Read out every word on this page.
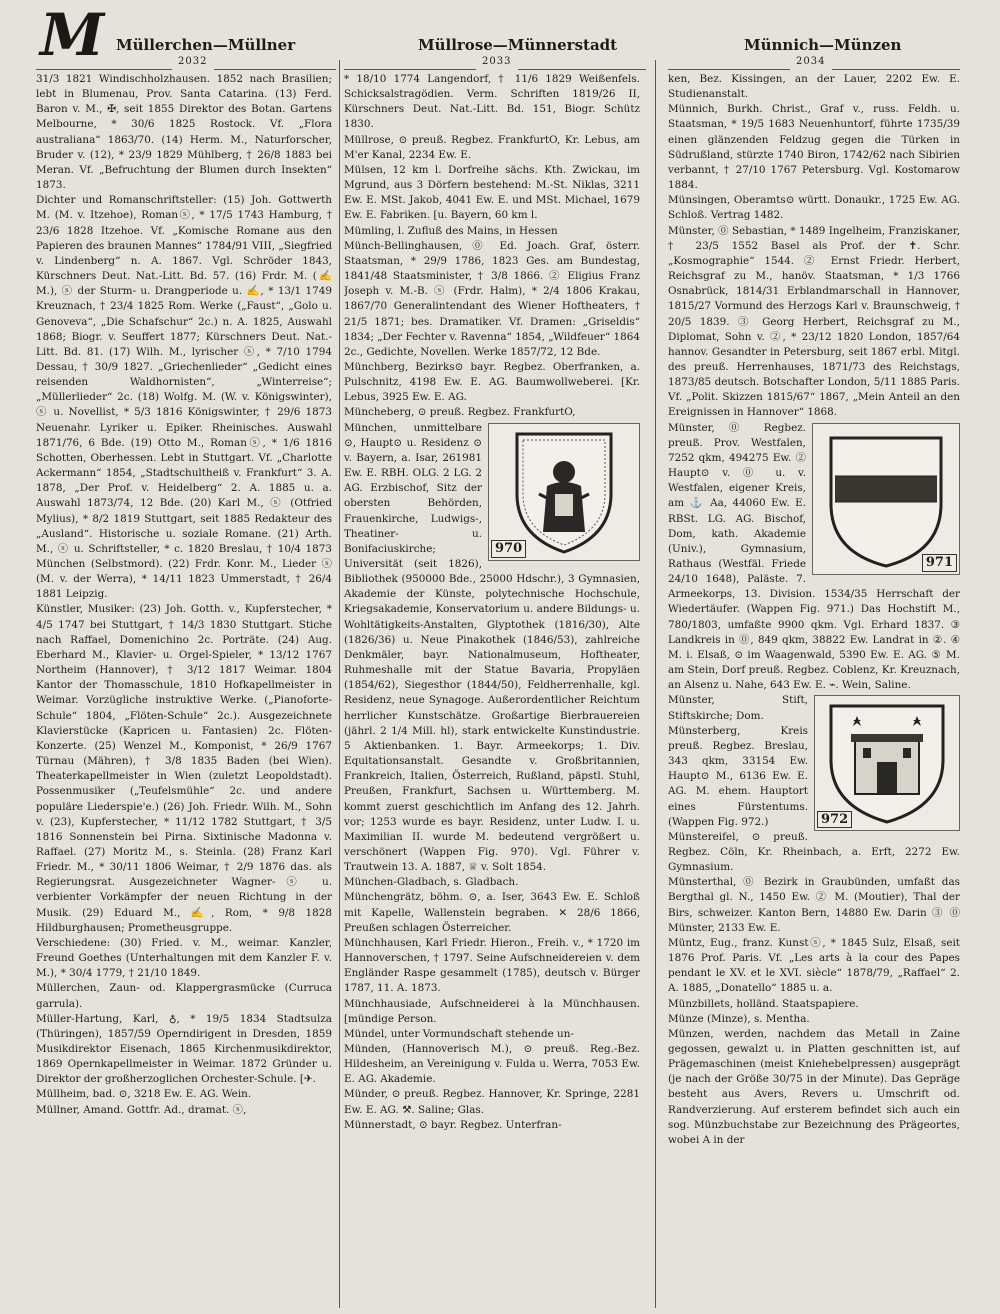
M Müllerchen—Müllner	Müllrose—Münnerstadt	Münnich—Münzen
2032	2033	2034

31/3 1821 Windischholzhausen. 1852 nach Brasilien; lebt in Blumenau, Prov. Santa Catarina. (13) Ferd. Baron v. M., ✠, seit 1855 Direktor des Botan. Gartens Melbourne, * 30/6 1825 Rostock. Vf. „Flora australiana“ 1863/70. (14) Herm. M., Naturforscher, Bruder v. (12), * 23/9 1829 Mühlberg, † 26/8 1883 bei Meran. Vf. „Befruchtung der Blumen durch Insekten“ 1873.

Dichter und Romanschriftsteller: (15) Joh. Gottwerth M. (M. v. Itzehoe), Romanⓢ, * 17/5 1743 Hamburg, † 23/6 1828 Itzehoe. Vf. „Komische Romane aus den Papieren des braunen Mannes“ 1784/91 VIII, „Siegfried v. Lindenberg“ n. A. 1867. Vgl. Schröder 1843, Kürschners Deut. Nat.-Litt. Bd. 57. (16) Frdr. M. (✍ M.), ⓢ der Sturm- u. Drangperiode u. ✍, * 13/1 1749 Kreuznach, † 23/4 1825 Rom. Werke („Faust“, „Golo u. Genoveva“, „Die Schafschur“ 2c.) n. A. 1825, Auswahl 1868; Biogr. v. Seuffert 1877; Kürschners Deut. Nat.-Litt. Bd. 81. (17) Wilh. M., lyrischer ⓢ, * 7/10 1794 Dessau, † 30/9 1827. „Griechenlieder“ „Gedicht eines reisenden Waldhornisten“, „Winterreise“; „Müllerlieder“ 2c. (18) Wolfg. M. (W. v. Königswinter), ⓢ u. Novellist, * 5/3 1816 Königswinter, † 29/6 1873 Neuenahr. Lyriker u. Epiker. Rheinisches. Auswahl 1871/76, 6 Bde. (19) Otto M., Romanⓢ, * 1/6 1816 Schotten, Oberhessen. Lebt in Stuttgart. Vf. „Charlotte Ackermann“ 1854, „Stadtschultheiß v. Frankfurt“ 3. A. 1878, „Der Prof. v. Heidelberg“ 2. A. 1885 u. a. Auswahl 1873/74, 12 Bde. (20) Karl M., ⓢ (Otfried Mylius), * 8/2 1819 Stuttgart, seit 1885 Redakteur des „Ausland“. Historische u. soziale Romane. (21) Arth. M., ⓢ u. Schriftsteller, * c. 1820 Breslau, † 10/4 1873 München (Selbstmord). (22) Frdr. Konr. M., Lieder ⓢ (M. v. der Werra), * 14/11 1823 Ummerstadt, † 26/4 1881 Leipzig.

Künstler, Musiker: (23) Joh. Gotth. v., Kupferstecher, * 4/5 1747 bei Stuttgart, † 14/3 1830 Stuttgart. Stiche nach Raffael, Domenichino 2c. Porträte. (24) Aug. Eberhard M., Klavier- u. Orgel-Spieler, * 13/12 1767 Northeim (Hannover), † 3/12 1817 Weimar. 1804 Kantor der Thomasschule, 1810 Hofkapellmeister in Weimar. Vorzügliche instruktive Werke. („Pianoforte-Schule“ 1804, „Flöten-Schule“ 2c.). Ausgezeichnete Klavierstücke (Kapricen u. Fantasien) 2c. Flöten-Konzerte. (25) Wenzel M., Komponist, * 26/9 1767 Türnau (Mähren), † 3/8 1835 Baden (bei Wien). Theaterkapellmeister in Wien (zuletzt Leopoldstadt). Possenmusiker („Teufelsmühle“ 2c. und andere populäre Liederspie'e.) (26) Joh. Friedr. Wilh. M., Sohn v. (23), Kupferstecher, * 11/12 1782 Stuttgart, † 3/5 1816 Sonnenstein bei Pirna. Sixtinische Madonna v. Raffael. (27) Moritz M., s. Steinla. (28) Franz Karl Friedr. M., * 30/11 1806 Weimar, † 2/9 1876 das. als Regierungsrat. Ausgezeichneter Wagner-ⓢ u. verbienter Vorkämpfer der neuen Richtung in der Musik. (29) Eduard M., ✍, Rom, * 9/8 1828 Hildburghausen; Prometheusgruppe.

Verschiedene: (30) Fried. v. M., weimar. Kanzler, Freund Goethes (Unterhaltungen mit dem Kanzler F. v. M.), * 30/4 1779, † 21/10 1849.

Müllerchen, Zaun- od. Klappergrasmücke (Curruca garrula).

Müller-Hartung, Karl, ♁, * 19/5 1834 Stadtsulza (Thüringen), 1857/59 Operndirigent in Dresden, 1859 Musikdirektor Eisenach, 1865 Kirchenmusikdirektor, 1869 Opernkapellmeister in Weimar. 1872 Gründer u. Direktor der großherzoglichen Orchester-Schule. [✈.

Müllheim, bad. ⊙, 3218 Ew. E. AG. Wein.

Müllner, Amand. Gottfr. Ad., dramat. ⓢ,

* 18/10 1774 Langendorf, † 11/6 1829 Weißenfels. Schicksalstragödien. Verm. Schriften 1819/26 II, Kürschners Deut. Nat.-Litt. Bd. 151, Biogr. Schütz 1830.

Müllrose, ⊙ preuß. Regbez. FrankfurtO, Kr. Lebus, am M'er Kanal, 2234 Ew. E.

Mülsen, 12 km l. Dorfreihe sächs. Kth. Zwickau, im Mgrund, aus 3 Dörfern bestehend: M.-St. Niklas, 3211 Ew. E. MSt. Jakob, 4041 Ew. E. und MSt. Michael, 1679 Ew. E. Fabriken. [u. Bayern, 60 km l.

Mümling, l. Zufluß des Mains, in Hessen

Münch-Bellinghausen, ⓪ Ed. Joach. Graf, österr. Staatsman, * 29/9 1786, 1823 Ges. am Bundestag, 1841/48 Staatsminister, † 3/8 1866. ② Eligius Franz Joseph v. M.-B. ⓢ (Frdr. Halm), * 2/4 1806 Krakau, 1867/70 Generalintendant des Wiener Hoftheaters, † 21/5 1871; bes. Dramatiker. Vf. Dramen: „Griseldis“ 1834; „Der Fechter v. Ravenna“ 1854, „Wildfeuer“ 1864 2c., Gedichte, Novellen. Werke 1857/72, 12 Bde.

Münchberg, Bezirks⊙ bayr. Regbez. Oberfranken, a. Pulschnitz, 4198 Ew. E. AG. Baumwollweberei. [Kr. Lebus, 3925 Ew. E. AG.

Müncheberg, ⊙ preuß. Regbez. FrankfurtO,

970

München, unmittelbare ⊙, Haupt⊙ u. Residenz ⊙ v. Bayern, a. Isar, 261981 Ew. E. RBH. OLG. 2 LG. 2 AG. Erzbischof, Sitz der obersten Behörden, Frauenkirche, Ludwigs-, Theatiner- u. Bonifaciuskirche; Universität (seit 1826), Bibliothek (950000 Bde., 25000 Hdschr.), 3 Gymnasien, Akademie der Künste, polytechnische Hochschule, Kriegsakademie, Konservatorium u. andere Bildungs- u. Wohltätigkeits-Anstalten, Glyptothek (1816/30), Alte (1826/36) u. Neue Pinakothek (1846/53), zahlreiche Denkmäler, bayr. Nationalmuseum, Hoftheater, Ruhmeshalle mit der Statue Bavaria, Propyläen (1854/62), Siegesthor (1844/50), Feldherrenhalle, kgl. Residenz, neue Synagoge. Außerordentlicher Reichtum herrlicher Kunstschätze. Großartige Bierbrauereien (jährl. 2 1/4 Mill. hl), stark entwickelte Kunstindustrie. 5 Aktienbanken. 1. Bayr. Armeekorps; 1. Div. Equitationsanstalt. Gesandte v. Großbritannien, Frankreich, Italien, Österreich, Rußland, päpstl. Stuhl, Preußen, Frankfurt, Sachsen u. Württemberg. M. kommt zuerst geschichtlich im Anfang des 12. Jahrh. vor; 1253 wurde es bayr. Residenz, unter Ludw. I. u. Maximilian II. wurde M. bedeutend vergrößert u. verschönert (Wappen Fig. 970). Vgl. Führer v. Trautwein 13. A. 1887, ♕ v. Solt 1854.

München-Gladbach, s. Gladbach.

Münchengrätz, böhm. ⊙, a. Iser, 3643 Ew. E. Schloß mit Kapelle, Wallenstein begraben. ✕ 28/6 1866, Preußen schlagen Österreicher.

Münchhausen, Karl Friedr. Hieron., Freih. v., * 1720 im Hannoverschen, † 1797. Seine Aufschneidereien v. dem Engländer Raspe gesammelt (1785), deutsch v. Bürger 1787, 11. A. 1873.

Münchhausiade, Aufschneiderei à la Münchhausen. [mündige Person.

Mündel, unter Vormundschaft stehende un-

Münden, (Hannoverisch M.), ⊙ preuß. Reg.-Bez. Hildesheim, an Vereinigung v. Fulda u. Werra, 7053 Ew. E. AG. Akademie.

Münder, ⊙ preuß. Regbez. Hannover, Kr. Springe, 2281 Ew. E. AG. ⚒. Saline; Glas.

Münnerstadt, ⊙ bayr. Regbez. Unterfran-

ken, Bez. Kissingen, an der Lauer, 2202 Ew. E. Studienanstalt.

Münnich, Burkh. Christ., Graf v., russ. Feldh. u. Staatsman, * 19/5 1683 Neuenhuntorf, führte 1735/39 einen glänzenden Feldzug gegen die Türken in Südrußland, stürzte 1740 Biron, 1742/62 nach Sibirien verbannt, † 27/10 1767 Petersburg. Vgl. Kostomarow 1884.

Münsingen, Oberamts⊙ württ. Donaukr., 1725 Ew. AG. Schloß. Vertrag 1482.

Münster, ⓪ Sebastian, * 1489 Ingelheim, Franziskaner, † 23/5 1552 Basel als Prof. der ✝. Schr. „Kosmographie“ 1544. ② Ernst Friedr. Herbert, Reichsgraf zu M., hanöv. Staatsman, * 1/3 1766 Osnabrück, 1814/31 Erblandmarschall in Hannover, 1815/27 Vormund des Herzogs Karl v. Braunschweig, † 20/5 1839. ③ Georg Herbert, Reichsgraf zu M., Diplomat, Sohn v. ②, * 23/12 1820 London, 1857/64 hannov. Gesandter in Petersburg, seit 1867 erbl. Mitgl. des preuß. Herrenhauses, 1871/73 des Reichstags, 1873/85 deutsch. Botschafter London, 5/11 1885 Paris. Vf. „Polit. Skizzen 1815/67“ 1867, „Mein Anteil an den Ereignissen in Hannover“ 1868.

971

Münster, ⓪ Regbez. preuß. Prov. Westfalen, 7252 qkm, 494275 Ew. ② Haupt⊙ v. ⓪ u. v. Westfalen, eigener Kreis, am ⚓ Aa, 44060 Ew. E. RBSt. LG. AG. Bischof, Dom, kath. Akademie (Univ.), Gymnasium, Rathaus (Westfäl. Friede 24/10 1648), Paläste. 7. Armeekorps, 13. Division. 1534/35 Herrschaft der Wiedertäufer. (Wappen Fig. 971.) Das Hochstift M., 780/1803, umfaßte 9900 qkm. Vgl. Erhard 1837. ③ Landkreis in ⓪, 849 qkm, 38822 Ew. Landrat in ②. ④ M. i. Elsaß, ⊙ im Waagenwald, 5390 Ew. E. AG. ⑤ M. am Stein, Dorf preuß. Regbez. Coblenz, Kr. Kreuznach, an Alsenz u. Nahe, 643 Ew. E. ⌁. Wein, Saline.

972

Münster, Stift, Stiftskirche; Dom.

Münsterberg, Kreis preuß. Regbez. Breslau, 343 qkm, 33154 Ew. Haupt⊙ M., 6136 Ew. E. AG. M. ehem. Hauptort eines Fürstentums. (Wappen Fig. 972.)

Münstereifel, ⊙ preuß. Regbez. Cöln, Kr. Rheinbach, a. Erft, 2272 Ew. Gymnasium.

Münsterthal, ⓪ Bezirk in Graubünden, umfaßt das Bergthal gl. N., 1450 Ew. ② M. (Moutier), Thal der Birs, schweizer. Kanton Bern, 14880 Ew. Darin ③ ⓪ Münster, 2133 Ew. E.

Müntz, Eug., franz. Kunstⓢ, * 1845 Sulz, Elsaß, seit 1876 Prof. Paris. Vf. „Les arts à la cour des Papes pendant le XV. et le XVI. siècle“ 1878/79, „Raffael“ 2. A. 1885, „Donatello“ 1885 u. a.

Münzbillets, holländ. Staatspapiere.

Münze (Minze), s. Mentha.

Münzen, werden, nachdem das Metall in Zaine gegossen, gewalzt u. in Platten geschnitten ist, auf Prägemaschinen (meist Kniehebelpressen) ausgeprägt (je nach der Größe 30/75 in der Minute). Das Gepräge besteht aus Avers, Revers u. Umschrift od. Randverzierung. Auf ersterem befindet sich auch ein sog. Münzbuchstabe zur Bezeichnung des Prägeortes, wobei A in der
